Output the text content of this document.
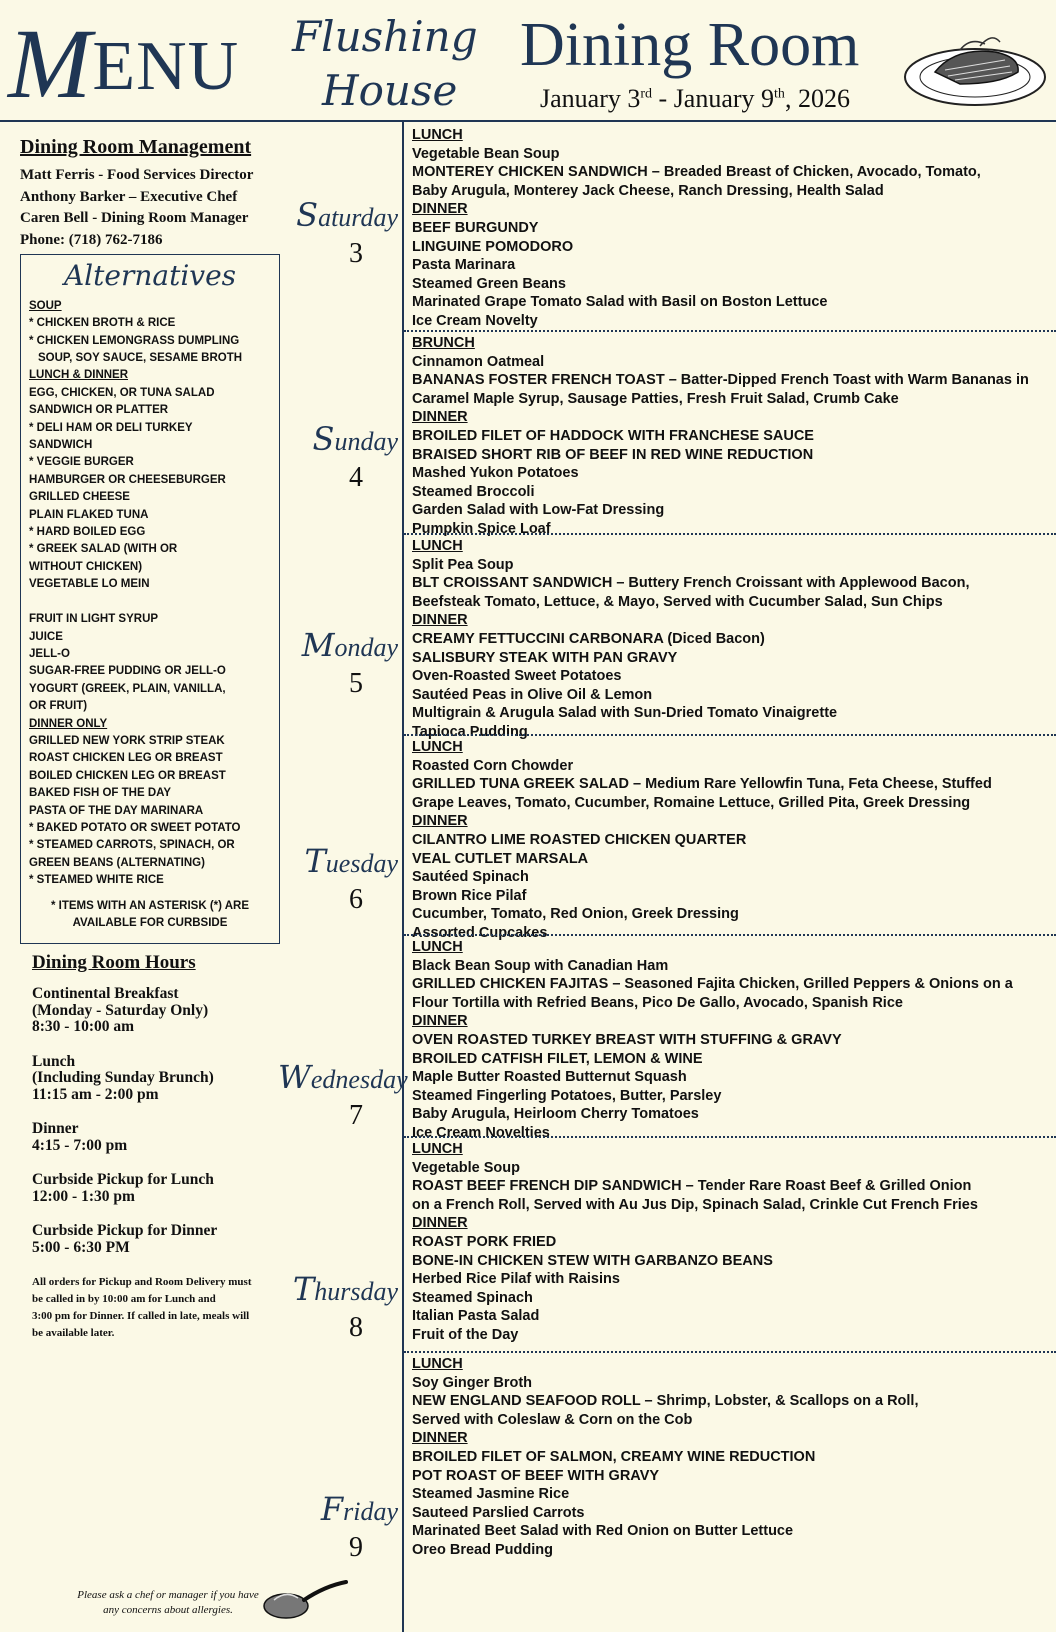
MENU Flushing
House
Dining Room
January 3rd - January 9th, 2026
Dining Room Management
Matt Ferris - Food Services Director
Anthony Barker – Executive Chef
Caren Bell - Dining Room Manager
Phone: (718) 762-7186
Alternatives
SOUP
* CHICKEN BROTH & RICE
* CHICKEN LEMONGRASS DUMPLING
SOUP, SOY SAUCE, SESAME BROTH
LUNCH & DINNER
EGG, CHICKEN, OR TUNA SALAD
SANDWICH OR PLATTER
* DELI HAM OR DELI TURKEY
SANDWICH
* VEGGIE BURGER
HAMBURGER OR CHEESEBURGER
GRILLED CHEESE
PLAIN FLAKED TUNA
* HARD BOILED EGG
* GREEK SALAD (WITH OR
WITHOUT CHICKEN)
VEGETABLE LO MEIN
FRUIT IN LIGHT SYRUP
JUICE
JELL-O
SUGAR-FREE PUDDING OR JELL-O
YOGURT (GREEK, PLAIN, VANILLA,
OR FRUIT)
DINNER ONLY
GRILLED NEW YORK STRIP STEAK
ROAST CHICKEN LEG OR BREAST
BOILED CHICKEN LEG OR BREAST
BAKED FISH OF THE DAY
PASTA OF THE DAY MARINARA
* BAKED POTATO OR SWEET POTATO
* STEAMED CARROTS, SPINACH, OR
GREEN BEANS (ALTERNATING)
* STEAMED WHITE RICE
* ITEMS WITH AN ASTERISK (*) ARE
AVAILABLE FOR CURBSIDE
Dining Room Hours
Continental Breakfast
(Monday - Saturday Only)
8:30 - 10:00 am
Lunch
(Including Sunday Brunch)
11:15 am - 2:00 pm
Dinner
4:15 - 7:00 pm
Curbside Pickup for Lunch
12:00 - 1:30 pm
Curbside Pickup for Dinner
5:00 - 6:30 PM
All orders for Pickup and Room Delivery must
be called in by 10:00 am for Lunch and
3:00 pm for Dinner. If called in late, meals will
be available later.
Please ask a chef or manager if you have
any concerns about allergies.
Saturday
3
LUNCH
Vegetable Bean Soup
MONTEREY CHICKEN SANDWICH – Breaded Breast of Chicken, Avocado, Tomato,
Baby Arugula, Monterey Jack Cheese, Ranch Dressing, Health Salad
DINNER
BEEF BURGUNDY
LINGUINE POMODORO
Pasta Marinara
Steamed Green Beans
Marinated Grape Tomato Salad with Basil on Boston Lettuce
Ice Cream Novelty
Sunday
4
BRUNCH
Cinnamon Oatmeal
BANANAS FOSTER FRENCH TOAST – Batter-Dipped French Toast with Warm Bananas in
Caramel Maple Syrup, Sausage Patties, Fresh Fruit Salad, Crumb Cake
DINNER
BROILED FILET OF HADDOCK WITH FRANCHESE SAUCE
BRAISED SHORT RIB OF BEEF IN RED WINE REDUCTION
Mashed Yukon Potatoes
Steamed Broccoli
Garden Salad with Low-Fat Dressing
Pumpkin Spice Loaf
Monday
5
LUNCH
Split Pea Soup
BLT CROISSANT SANDWICH – Buttery French Croissant with Applewood Bacon,
Beefsteak Tomato, Lettuce, & Mayo, Served with Cucumber Salad, Sun Chips
DINNER
CREAMY FETTUCCINI CARBONARA (Diced Bacon)
SALISBURY STEAK WITH PAN GRAVY
Oven-Roasted Sweet Potatoes
Sautéed Peas in Olive Oil & Lemon
Multigrain & Arugula Salad with Sun-Dried Tomato Vinaigrette
Tapioca Pudding
Tuesday
6
LUNCH
Roasted Corn Chowder
GRILLED TUNA GREEK SALAD – Medium Rare Yellowfin Tuna, Feta Cheese, Stuffed
Grape Leaves, Tomato, Cucumber, Romaine Lettuce, Grilled Pita, Greek Dressing
DINNER
CILANTRO LIME ROASTED CHICKEN QUARTER
VEAL CUTLET MARSALA
Sautéed Spinach
Brown Rice Pilaf
Cucumber, Tomato, Red Onion, Greek Dressing
Assorted Cupcakes
Wednesday
7
LUNCH
Black Bean Soup with Canadian Ham
GRILLED CHICKEN FAJITAS – Seasoned Fajita Chicken, Grilled Peppers & Onions on a
Flour Tortilla with Refried Beans, Pico De Gallo, Avocado, Spanish Rice
DINNER
OVEN ROASTED TURKEY BREAST WITH STUFFING & GRAVY
BROILED CATFISH FILET, LEMON & WINE
Maple Butter Roasted Butternut Squash
Steamed Fingerling Potatoes, Butter, Parsley
Baby Arugula, Heirloom Cherry Tomatoes
Ice Cream Novelties
Thursday
8
LUNCH
Vegetable Soup
ROAST BEEF FRENCH DIP SANDWICH – Tender Rare Roast Beef & Grilled Onion
on a French Roll, Served with Au Jus Dip, Spinach Salad, Crinkle Cut French Fries
DINNER
ROAST PORK FRIED
BONE-IN CHICKEN STEW WITH GARBANZO BEANS
Herbed Rice Pilaf with Raisins
Steamed Spinach
Italian Pasta Salad
Fruit of the Day
Friday
9
LUNCH
Soy Ginger Broth
NEW ENGLAND SEAFOOD ROLL – Shrimp, Lobster, & Scallops on a Roll,
Served with Coleslaw & Corn on the Cob
DINNER
BROILED FILET OF SALMON, CREAMY WINE REDUCTION
POT ROAST OF BEEF WITH GRAVY
Steamed Jasmine Rice
Sauteed Parslied Carrots
Marinated Beet Salad with Red Onion on Butter Lettuce
Oreo Bread Pudding
